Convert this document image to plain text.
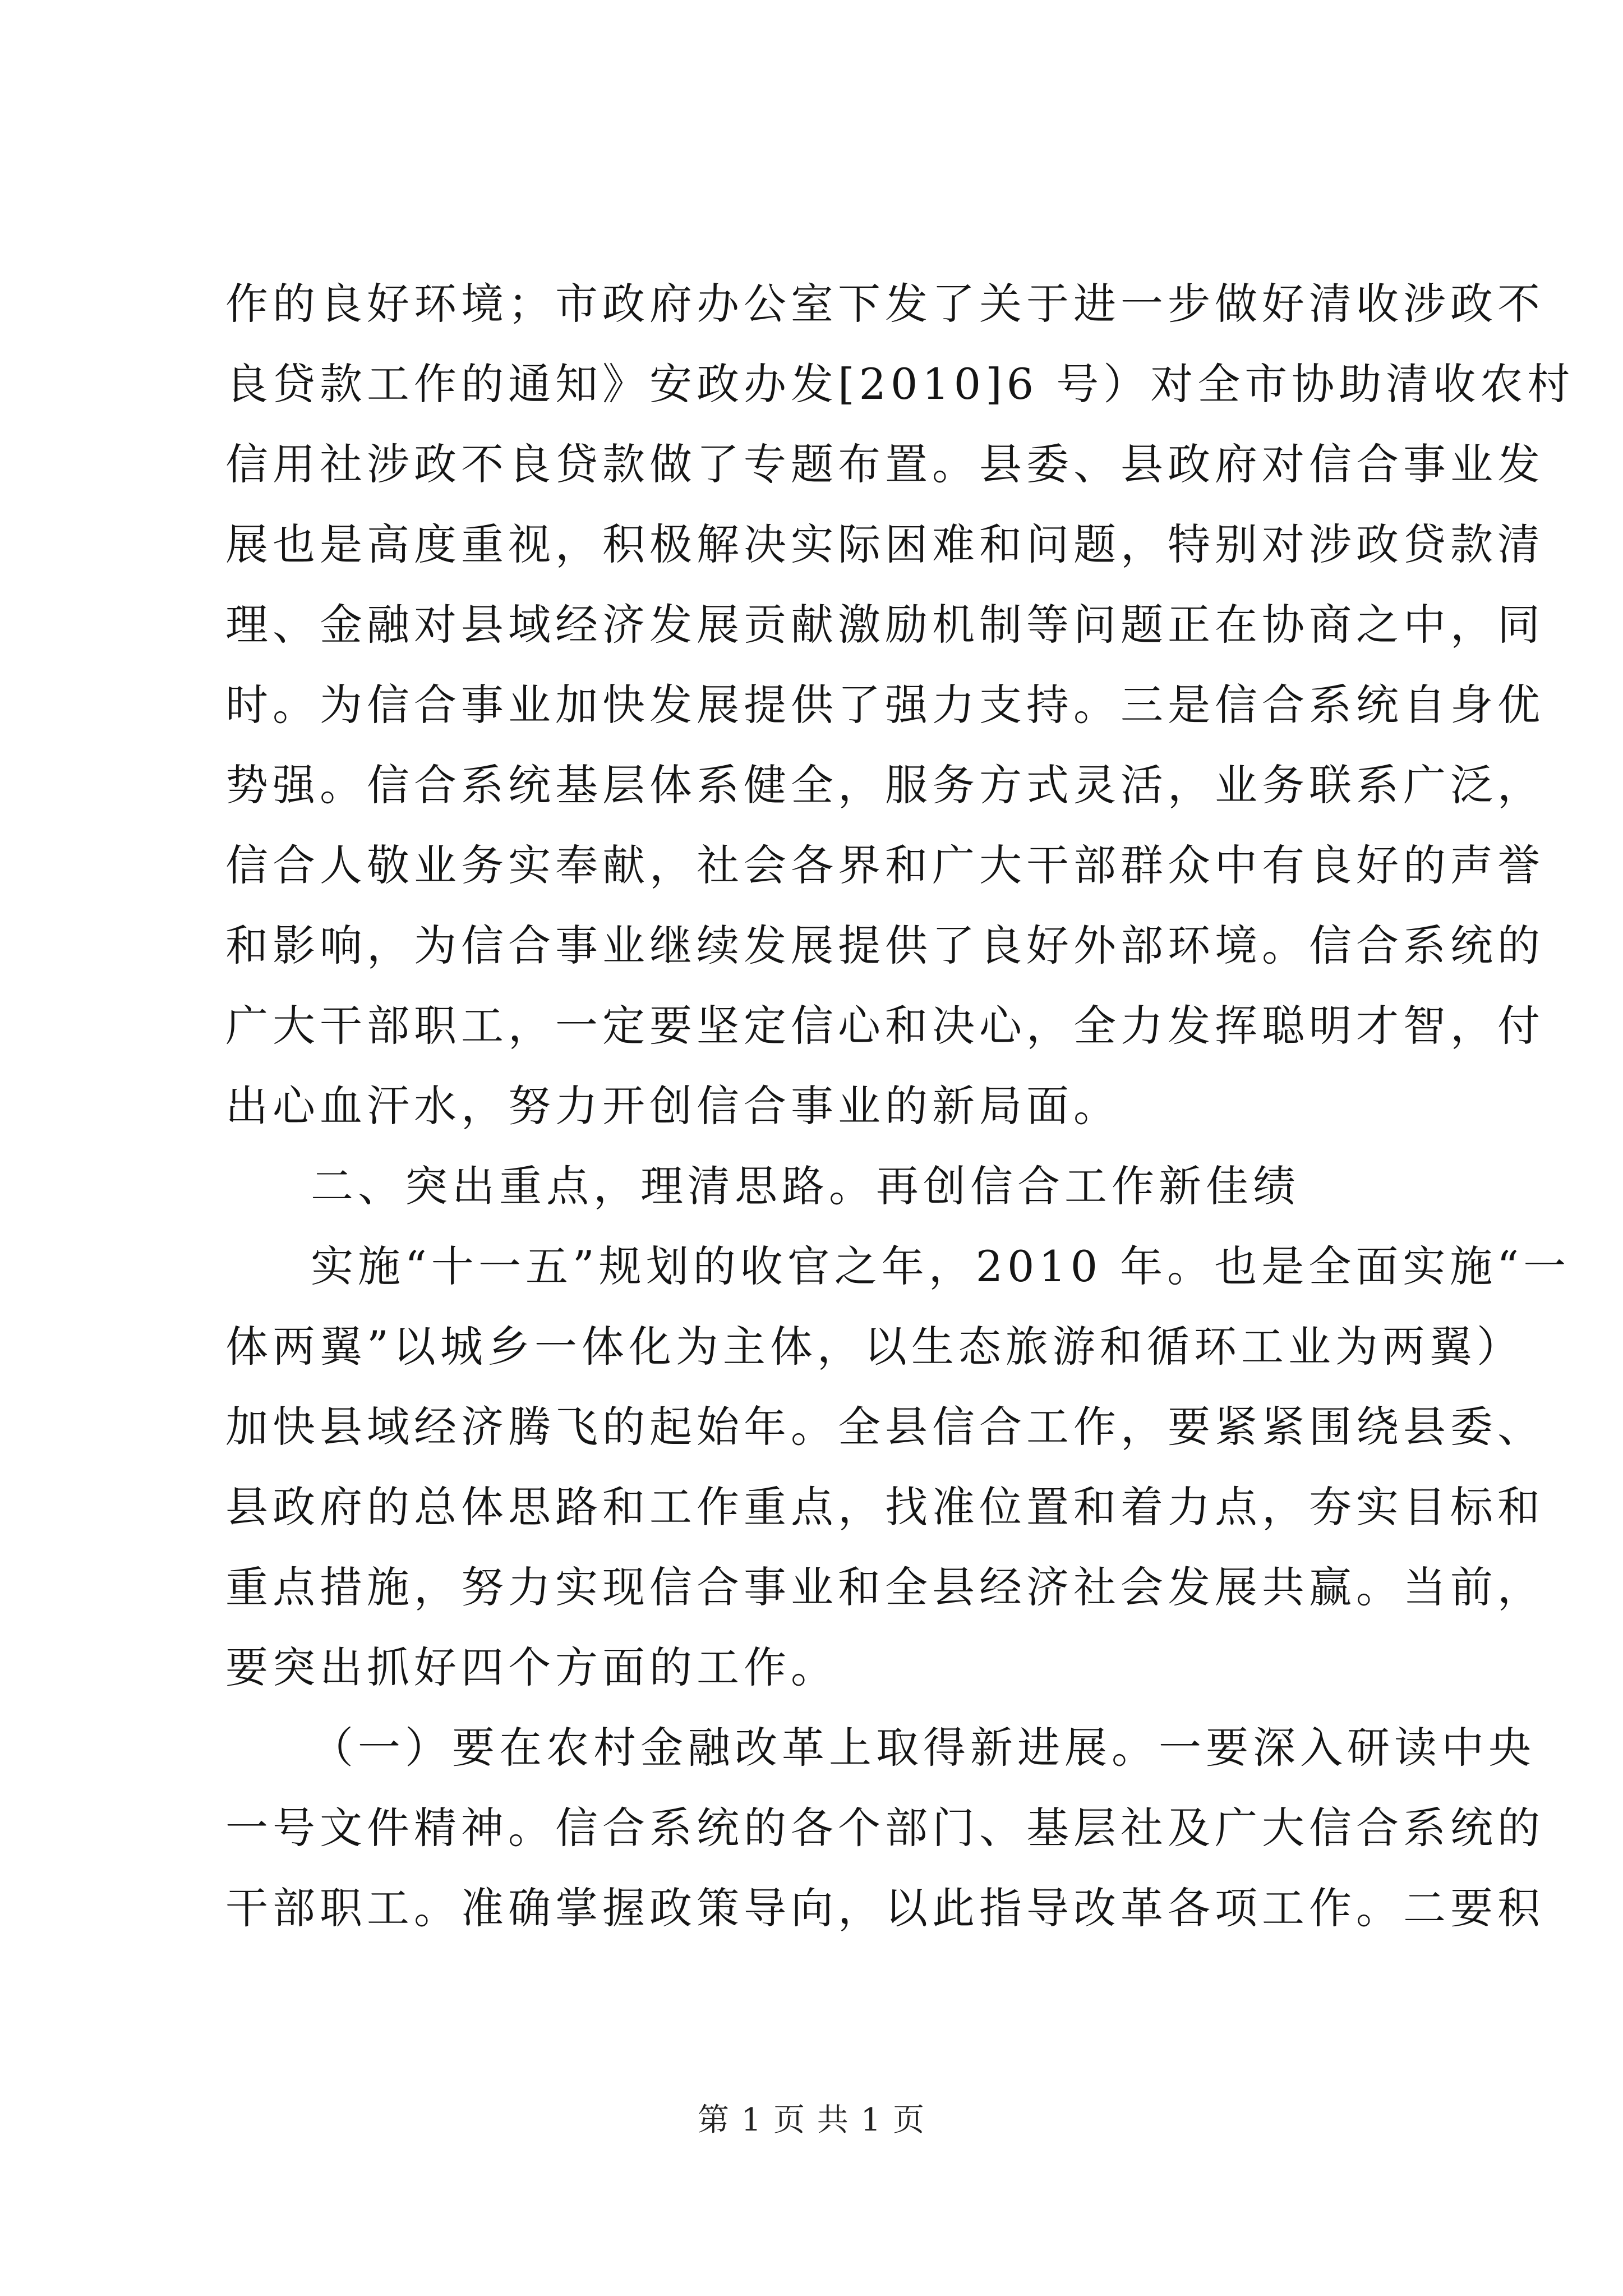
作的良好环境；市政府办公室下发了关于进一步做好清收涉政不
良贷款工作的通知》安政办发[2010]6 号）对全市协助清收农村
信用社涉政不良贷款做了专题布置。县委、县政府对信合事业发
展也是高度重视，积极解决实际困难和问题，特别对涉政贷款清
理、金融对县域经济发展贡献激励机制等问题正在协商之中，同
时。为信合事业加快发展提供了强力支持。三是信合系统自身优
势强。信合系统基层体系健全，服务方式灵活，业务联系广泛，
信合人敬业务实奉献，社会各界和广大干部群众中有良好的声誉
和影响，为信合事业继续发展提供了良好外部环境。信合系统的
广大干部职工，一定要坚定信心和决心，全力发挥聪明才智，付
出心血汗水，努力开创信合事业的新局面。
二、突出重点，理清思路。再创信合工作新佳绩
实施“十一五”规划的收官之年，2010 年。也是全面实施“一
体两翼”以城乡一体化为主体，以生态旅游和循环工业为两翼）
加快县域经济腾飞的起始年。全县信合工作，要紧紧围绕县委、
县政府的总体思路和工作重点，找准位置和着力点，夯实目标和
重点措施，努力实现信合事业和全县经济社会发展共赢。当前，
要突出抓好四个方面的工作。
（一）要在农村金融改革上取得新进展。一要深入研读中央
一号文件精神。信合系统的各个部门、基层社及广大信合系统的
干部职工。准确掌握政策导向，以此指导改革各项工作。二要积
第 1 页 共 1 页
